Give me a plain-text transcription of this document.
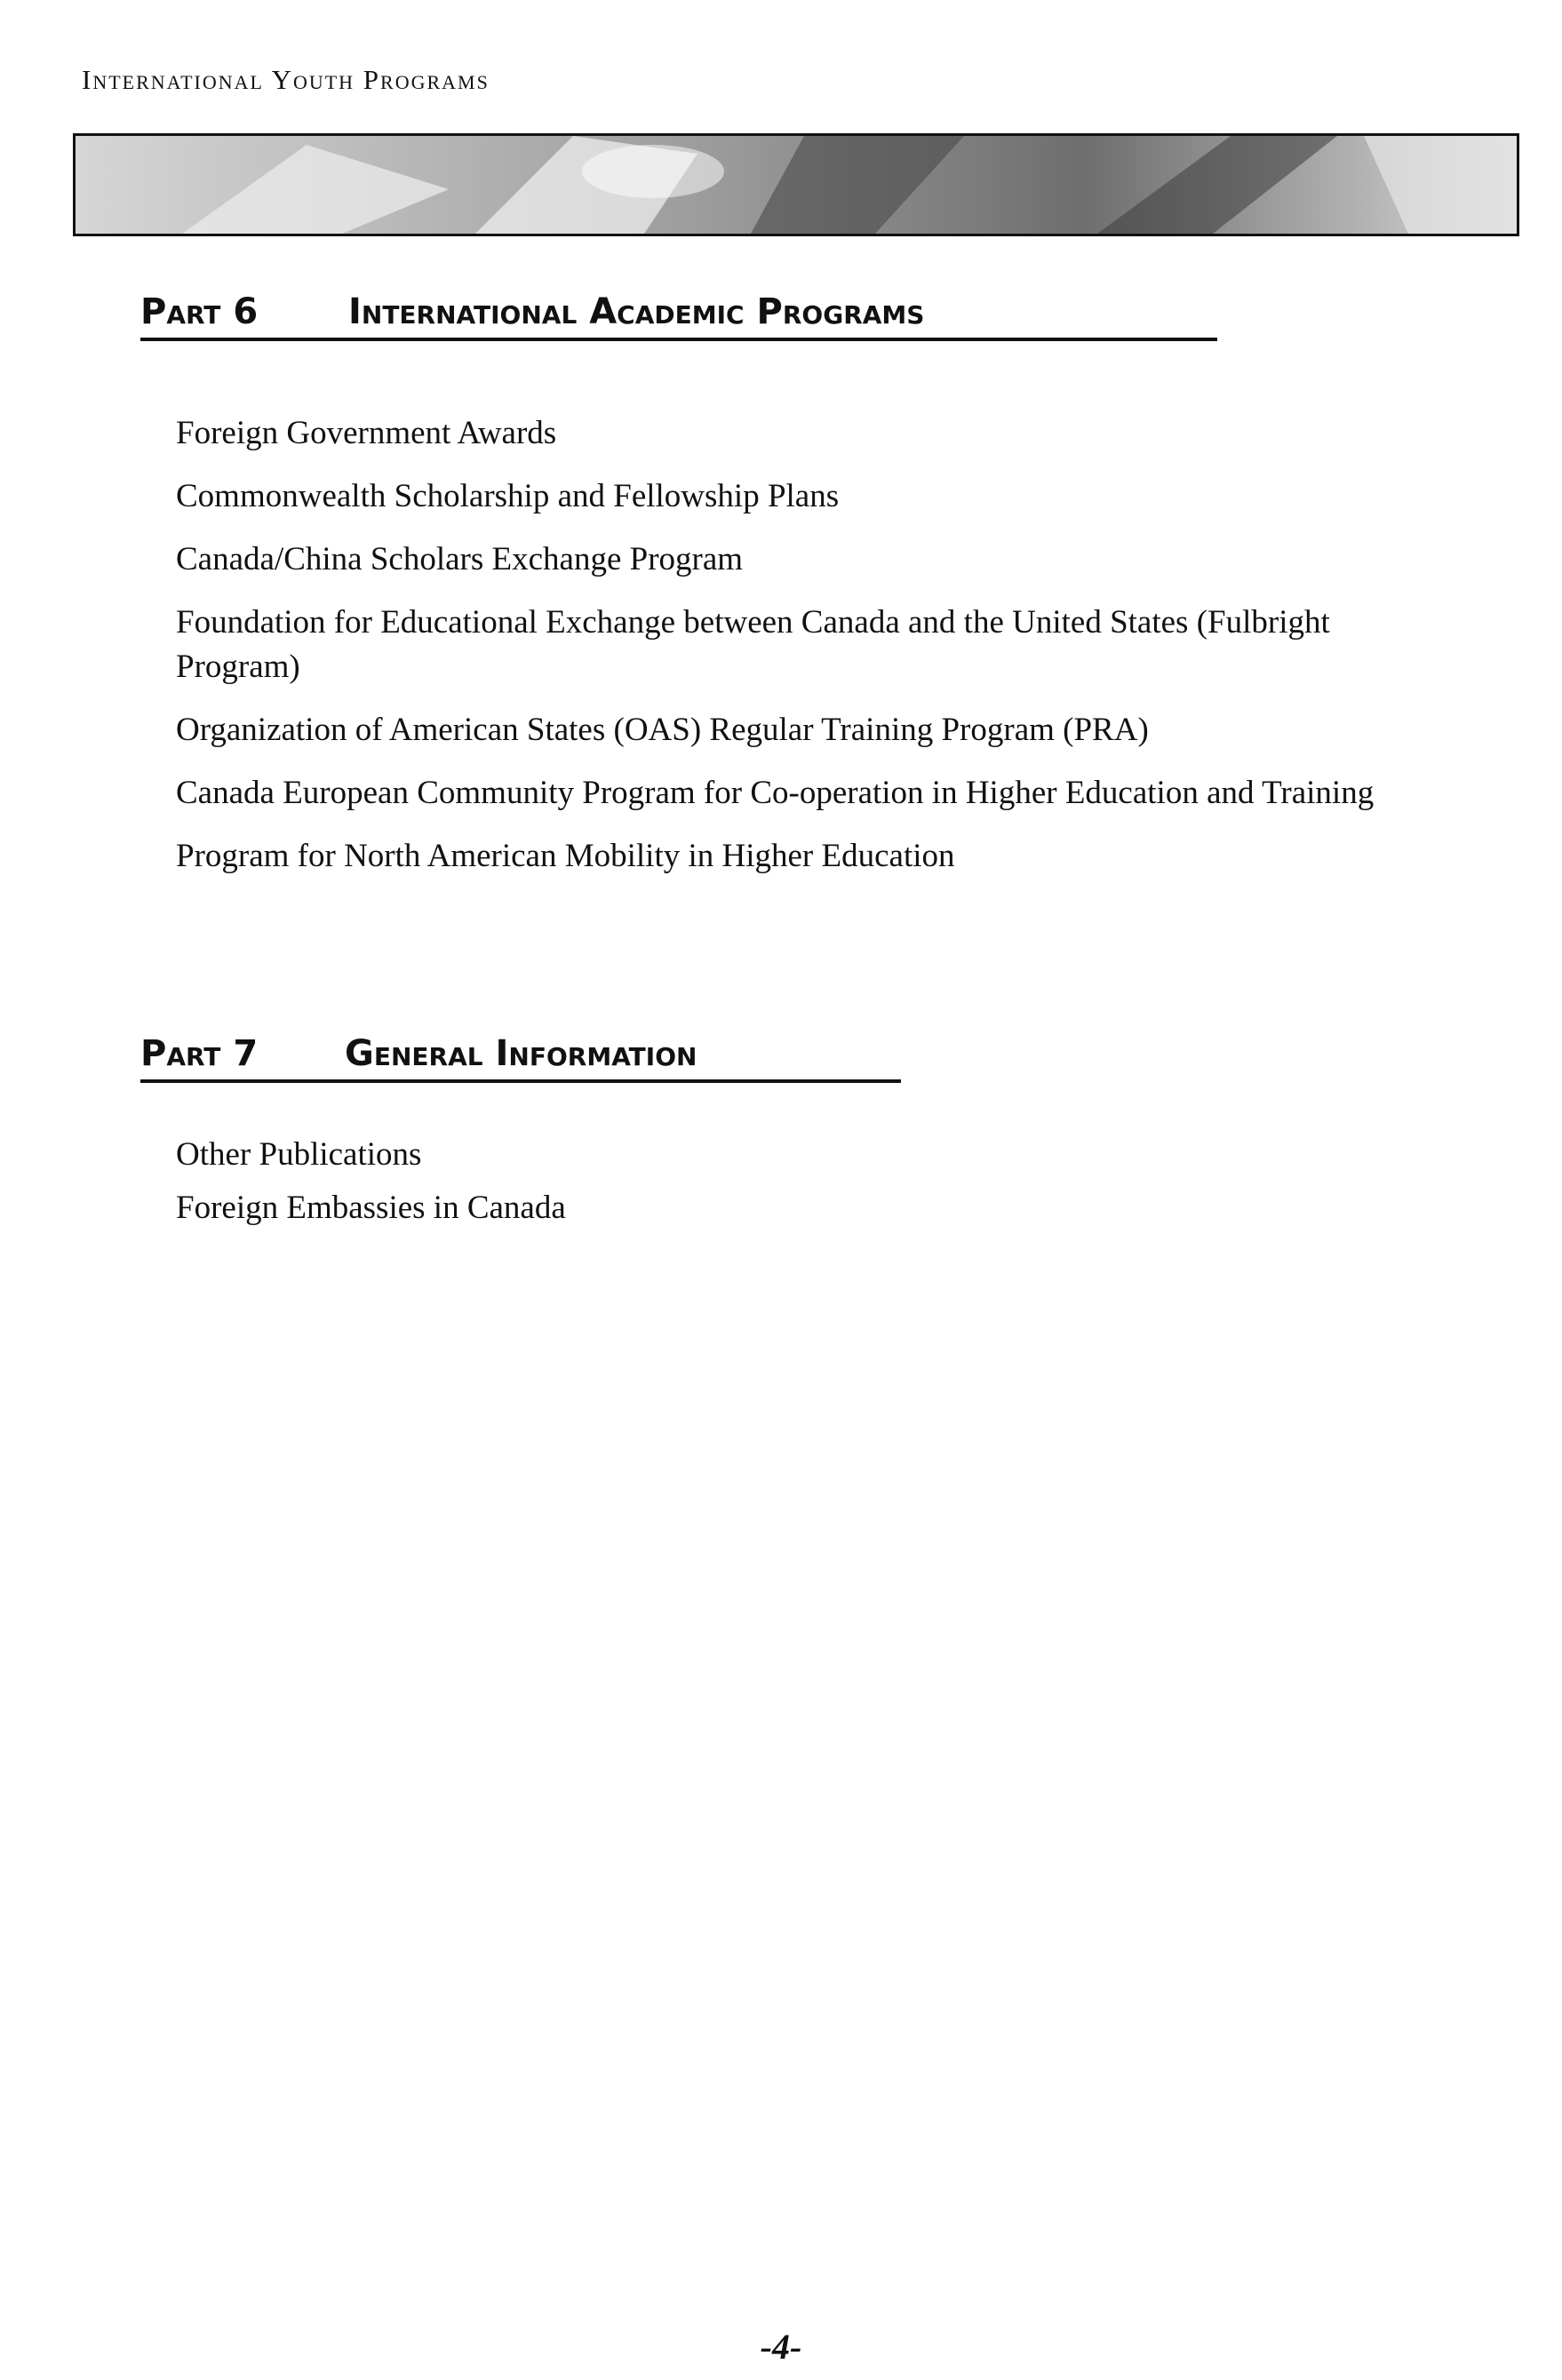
International Youth Programs
Part 6	International Academic Programs
Foreign Government Awards
Commonwealth Scholarship and Fellowship Plans
Canada/China Scholars Exchange Program
Foundation for Educational Exchange between Canada and the United States (Fulbright Program)
Organization of American States (OAS) Regular Training Program (PRA)
Canada European Community Program for Co-operation in Higher Education and Training
Program for North American Mobility in Higher Education
Part 7 General Information
Other Publications
Foreign Embassies in Canada
-4-
